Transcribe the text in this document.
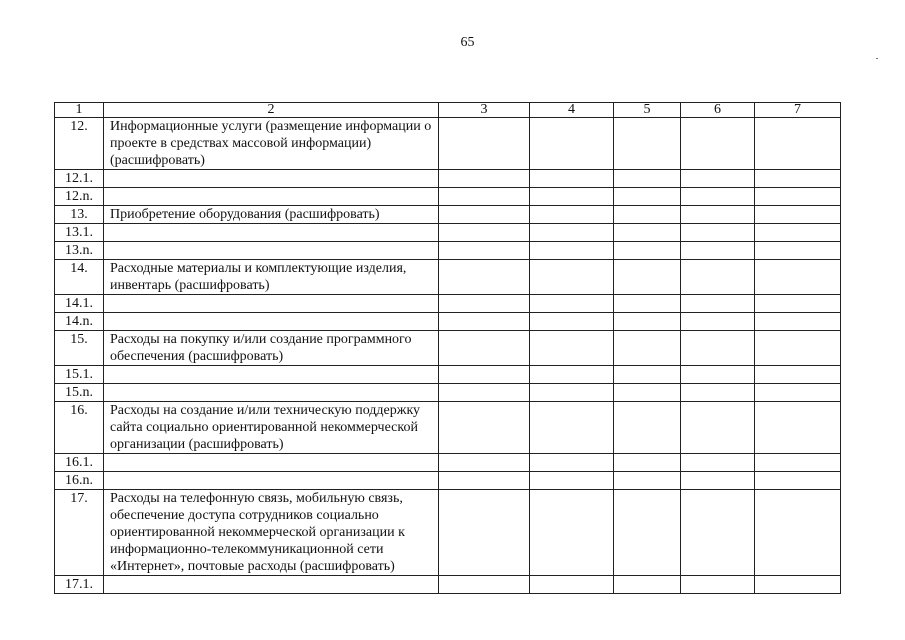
65
1	2	3	4	5	6	7
12.	Информационные услуги (размещение информации о проекте в средствах массовой информации) (расшифровать)					
12.1.						
12.n.						
13.	Приобретение оборудования (расшифровать)					
13.1.						
13.n.						
14.	Расходные материалы и комплектующие изделия, инвентарь (расшифровать)					
14.1.						
14.n.						
15.	Расходы на покупку и/или создание программного обеспечения (расшифровать)					
15.1.						
15.n.						
16.	Расходы на создание и/или техническую поддержку сайта социально ориентированной некоммерческой организации (расшифровать)					
16.1.						
16.n.						
17.	Расходы на телефонную связь, мобильную связь, обеспечение доступа сотрудников социально ориентированной некоммерческой организации к информационно-телекоммуникационной сети «Интернет», почтовые расходы (расшифровать)					
17.1.						
